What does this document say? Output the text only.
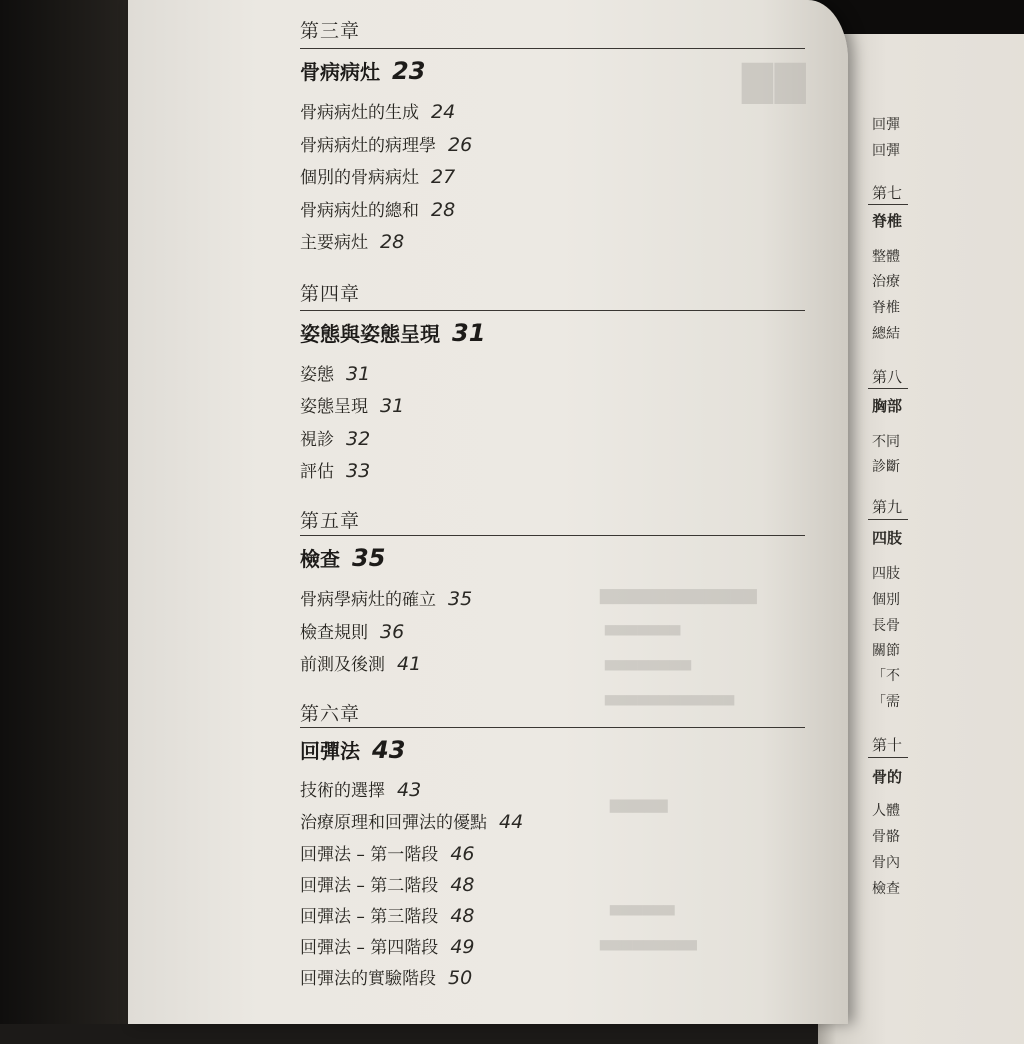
▇▇
▆▆▆▆▆▆▆▆▆▆▆▆
▅▅▅▅▅▅▅
▅▅▅▅▅▅▅▅
▅▅▅▅▅▅▅▅▅▅▅▅
▆▆▆▆▆
▅▅▅▅▅▅
▅▅▅▅▅▅▅▅▅
第三章
骨病病灶 23
骨病病灶的生成 24
骨病病灶的病理學 26
個別的骨病病灶 27
骨病病灶的總和 28
主要病灶 28
第四章
姿態與姿態呈現 31
姿態 31
姿態呈現 31
視診 32
評估 33
第五章
檢查 35
骨病學病灶的確立 35
檢查規則 36
前測及後測 41
第六章
回彈法 43
技術的選擇 43
治療原理和回彈法的優點 44
回彈法 – 第一階段 46
回彈法 – 第二階段 48
回彈法 – 第三階段 48
回彈法 – 第四階段 49
回彈法的實驗階段 50
回彈
回彈
第七
脊椎
整體
治療
脊椎
總結
第八
胸部
不同
診斷
第九
四肢
四肢
個別
長骨
關節
「不
「需
第十
骨的
人體
骨骼
骨內
檢查
